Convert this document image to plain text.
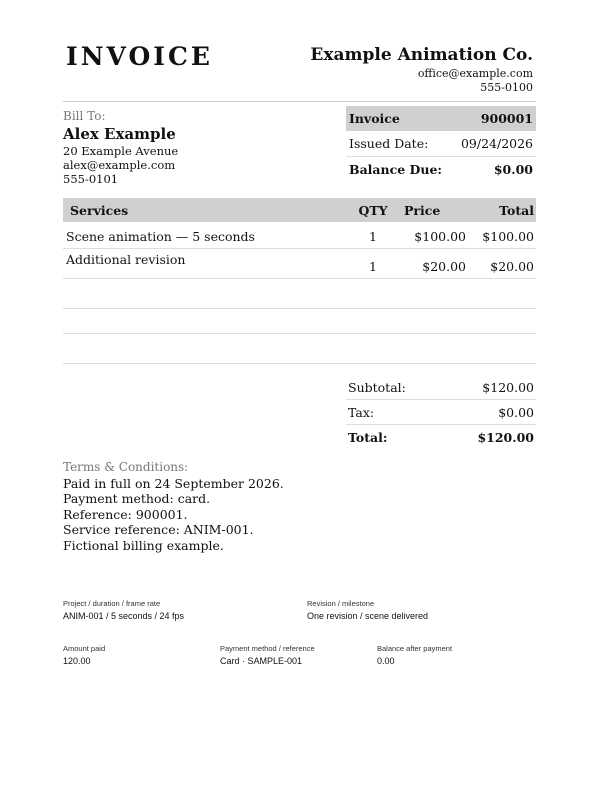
INVOICE	Example Animation Co.
office@example.com
555-0100
Bill To:
Alex Example
20 Example Avenue
alex@example.com
555-0101
Invoice	900001
Issued Date:	09/24/2026
Balance Due:	$0.00
Services	QTY	Price	Total
Scene animation — 5 seconds	1	$100.00	$100.00
Additional revision	1	$20.00	$20.00
Subtotal:	$120.00
Tax:	$0.00
Total:	$120.00
Terms & Conditions:
Paid in full on 24 September 2026.
Payment method: card.
Reference: 900001.
Service reference: ANIM-001.
Fictional billing example.
Project / duration / frame rate
ANIM-001 / 5 seconds / 24 fps
Revision / milestone
One revision / scene delivered
Amount paid
120.00
Payment method / reference
Card · SAMPLE-001
Balance after payment
0.00
